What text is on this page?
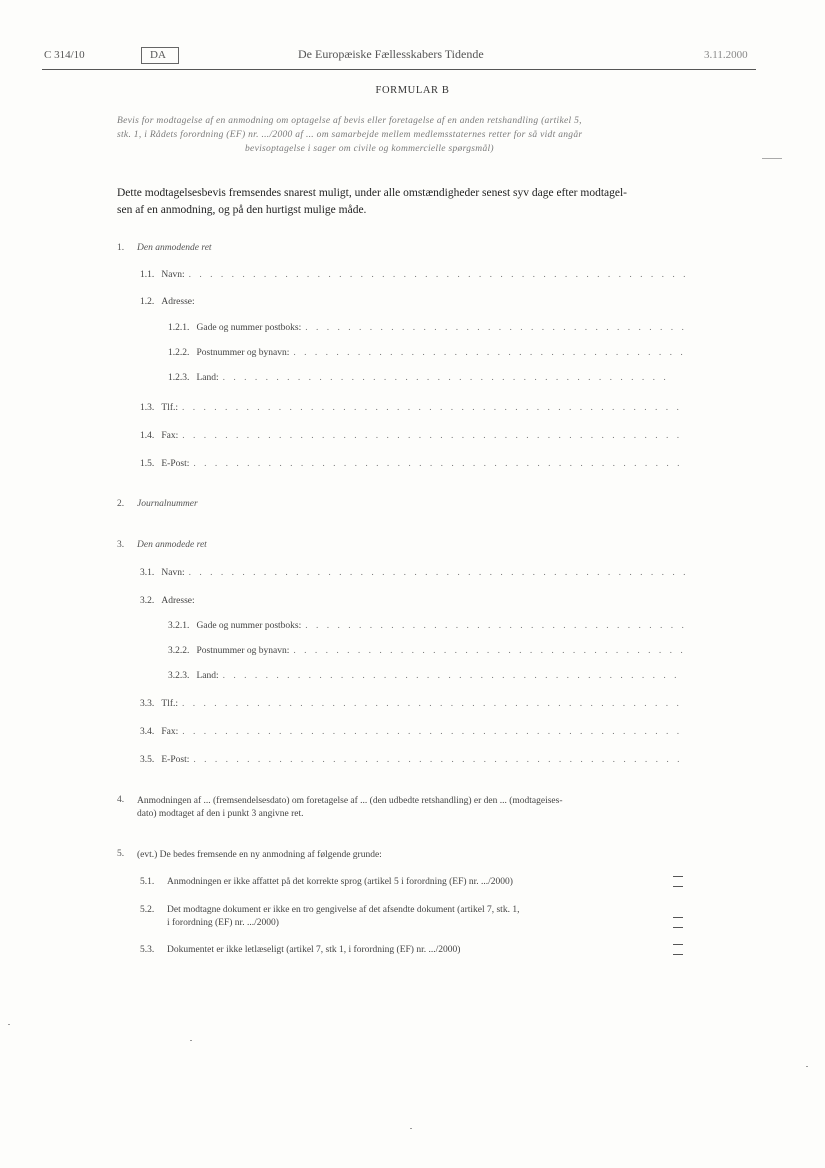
C 314/10	DA	De Europæiske Fællesskabers Tidende	3.11.2000
FORMULAR B
Bevis for modtagelse af en anmodning om optagelse af bevis eller foretagelse af en anden retshandling (artikel 5,
stk. 1, i Rådets forordning (EF) nr. .../2000 af ... om samarbejde mellem medlemsstaternes retter for så vidt angår
bevisoptagelse i sager om civile og kommercielle spørgsmål)
Dette modtagelsesbevis fremsendes snarest muligt, under alle omstændigheder senest syv dage efter modtagel-
sen af en anmodning, og på den hurtigst mulige måde.
1. Den anmodende ret
1.1.
Navn:
. . .
1.2.
Adresse:
1.2.1.
Gade og nummer postboks:
. . .
1.2.2.
Postnummer og bynavn:
. . .
1.2.3.
Land:
. . .
1.3.
Tlf.:
. . .
1.4.
Fax:
. . .
1.5.
E-Post:
. . .
2. Journalnummer
3. Den anmodede ret
3.1.
Navn:
. . .
3.2.
Adresse:
3.2.1.
Gade og nummer postboks:
. . .
3.2.2.
Postnummer og bynavn:
. . .
3.2.3.
Land:
. . .
3.3.
Tlf.:
. . .
3.4.
Fax:
. . .
3.5.
E-Post:
. . .
4. Anmodningen af ... (fremsendelsesdato) om foretagelse af ... (den udbedte retshandling) er den ... (modtageises-
dato) modtaget af den i punkt 3 angivne ret.
5. (evt.) De bedes fremsende en ny anmodning af følgende grunde:
5.1. Anmodningen er ikke affattet på det korrekte sprog (artikel 5 i forordning (EF) nr. .../2000)
5.2. Det modtagne dokument er ikke en tro gengivelse af det afsendte dokument (artikel 7, stk. 1,
i forordning (EF) nr. .../2000)
5.3. Dokumentet er ikke letlæseligt (artikel 7, stk 1, i forordning (EF) nr. .../2000)
